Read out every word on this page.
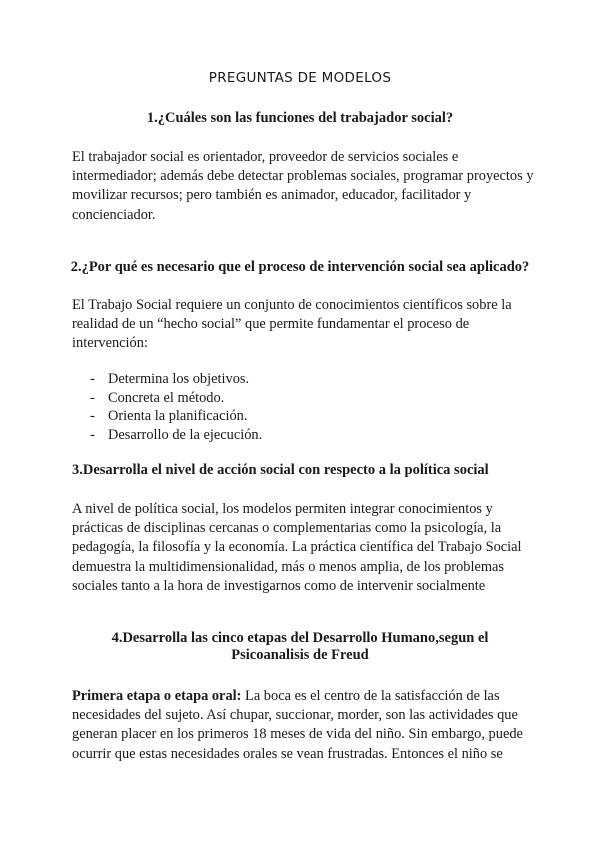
PREGUNTAS DE MODELOS
1.¿Cuáles son las funciones del trabajador social?
El trabajador social es orientador, proveedor de servicios sociales e
intermediador; además debe detectar problemas sociales, programar proyectos y
movilizar recursos; pero también es animador, educador, facilitador y
concienciador.
2.¿Por qué es necesario que el proceso de intervención social sea aplicado?
El Trabajo Social requiere un conjunto de conocimientos científicos sobre la
realidad de un “hecho social” que permite fundamentar el proceso de
intervención:
- Determina los objetivos.
- Concreta el método.
- Orienta la planificación.
- Desarrollo de la ejecución.
3.Desarrolla el nivel de acción social con respecto a la política social
A nivel de política social, los modelos permiten integrar conocimientos y
prácticas de disciplinas cercanas o complementarias como la psicología, la
pedagogía, la filosofía y la economía. La práctica científica del Trabajo Social
demuestra la multidimensionalidad, más o menos amplia, de los problemas
sociales tanto a la hora de investigarnos como de intervenir socialmente
4.Desarrolla las cinco etapas del Desarrollo Humano,segun el
Psicoanalisis de Freud
Primera etapa o etapa oral: La boca es el centro de la satisfacción de las
necesidades del sujeto. Así chupar, succionar, morder, son las actividades que
generan placer en los primeros 18 meses de vida del niño. Sin embargo, puede
ocurrir que estas necesidades orales se vean frustradas. Entonces el niño se
